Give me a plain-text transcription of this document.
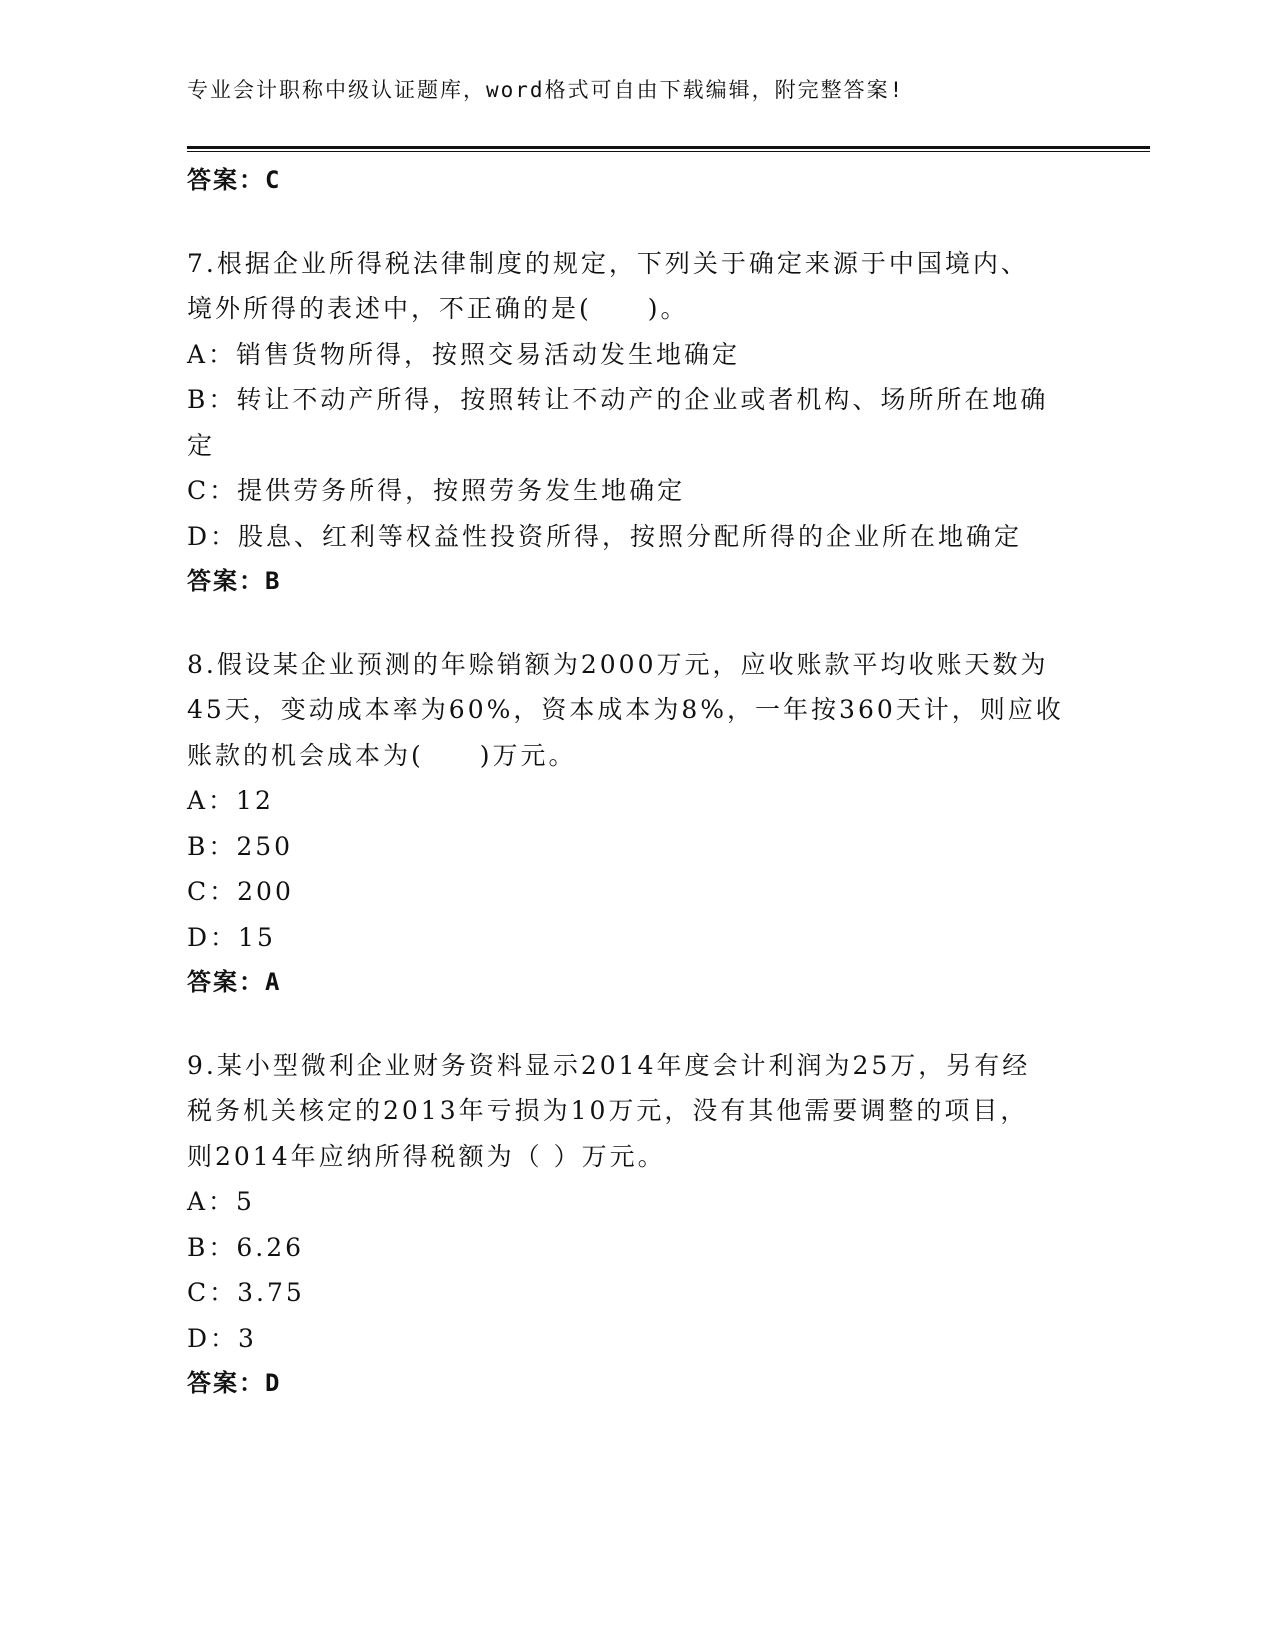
专业会计职称中级认证题库，word格式可自由下载编辑，附完整答案!
答案：C
7.根据企业所得税法律制度的规定，下列关于确定来源于中国境内、
境外所得的表述中，不正确的是(　　)。
A：销售货物所得，按照交易活动发生地确定
B：转让不动产所得，按照转让不动产的企业或者机构、场所所在地确
定
C：提供劳务所得，按照劳务发生地确定
D：股息、红利等权益性投资所得，按照分配所得的企业所在地确定
答案：B
8.假设某企业预测的年赊销额为2000万元，应收账款平均收账天数为
45天，变动成本率为60%，资本成本为8%，一年按360天计，则应收
账款的机会成本为(　　)万元。
A：12
B：250
C：200
D：15
答案：A
9.某小型微利企业财务资料显示2014年度会计利润为25万，另有经
税务机关核定的2013年亏损为10万元，没有其他需要调整的项目，
则2014年应纳所得税额为（ ）万元。
A：5
B：6.26
C：3.75
D：3
答案：D
